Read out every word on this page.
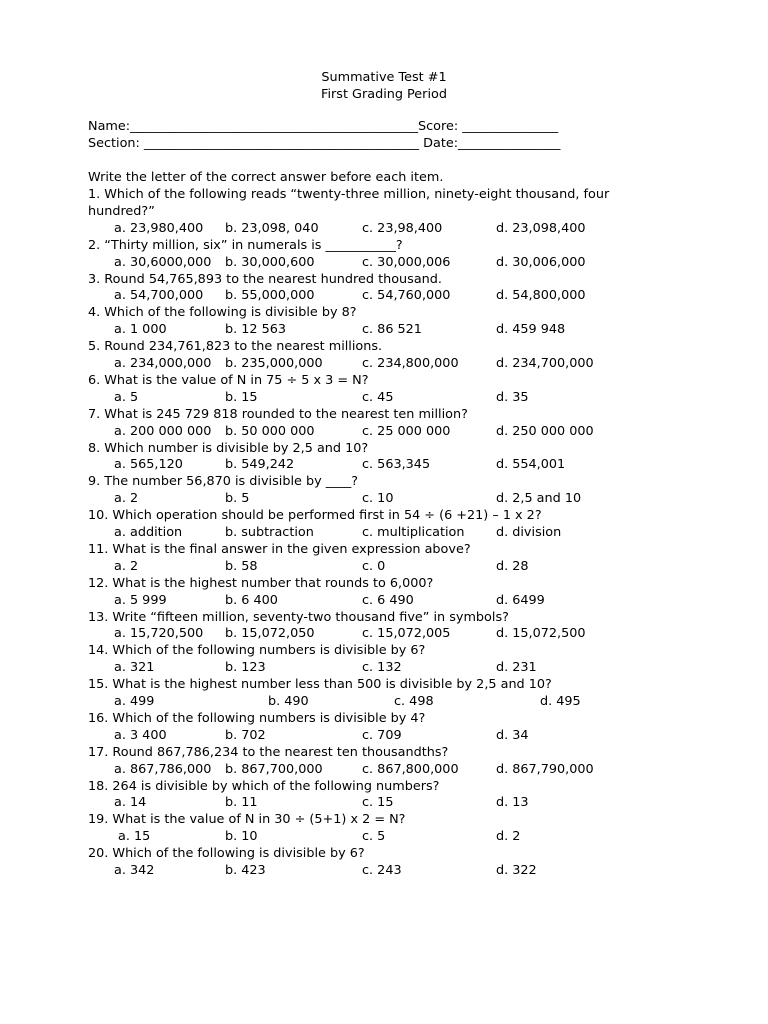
Summative Test #1
First Grading Period
Name:_____________________________________________Score: _______________
Section: ___________________________________________ Date:________________
Write the letter of the correct answer before each item.
1. Which of the following reads “twenty-three million, ninety-eight thousand, four
hundred?”
a. 23,980,400 b. 23,098, 040	c. 23,98,400	d. 23,098,400
2. “Thirty million, six” in numerals is ___________?
a. 30,6000,000 b. 30,000,600	c. 30,000,006	d. 30,006,000
3. Round 54,765,893 to the nearest hundred thousand.
a. 54,700,000 b. 55,000,000	c. 54,760,000	d. 54,800,000
4. Which of the following is divisible by 8?
a. 1 000	b. 12 563	c. 86 521	d. 459 948
5. Round 234,761,823 to the nearest millions.
a. 234,000,000 b. 235,000,000	c. 234,800,000	d. 234,700,000
6. What is the value of N in 75 ÷ 5 x 3 = N?
a. 5	b. 15	c. 45	d. 35
7. What is 245 729 818 rounded to the nearest ten million?
a. 200 000 000 b. 50 000 000	c. 25 000 000	d. 250 000 000
8. Which number is divisible by 2,5 and 10?
a. 565,120	b. 549,242	c. 563,345	d. 554,001
9. The number 56,870 is divisible by ____?
a. 2	b. 5	c. 10	d. 2,5 and 10
10. Which operation should be performed first in 54 ÷ (6 +21) – 1 x 2?
a. addition	b. subtraction	c. multiplication d. division
11. What is the final answer in the given expression above?
a. 2	b. 58	c. 0	d. 28
12. What is the highest number that rounds to 6,000?
a. 5 999	b. 6 400	c. 6 490	d. 6499
13. Write “fifteen million, seventy-two thousand five” in symbols?
a. 15,720,500 b. 15,072,050	c. 15,072,005	d. 15,072,500
14. Which of the following numbers is divisible by 6?
a. 321	b. 123	c. 132	d. 231
15. What is the highest number less than 500 is divisible by 2,5 and 10?
a. 499	b. 490	c. 498	d. 495
16. Which of the following numbers is divisible by 4?
a. 3 400	b. 702	c. 709	d. 34
17. Round 867,786,234 to the nearest ten thousandths?
a. 867,786,000 b. 867,700,000	c. 867,800,000	d. 867,790,000
18. 264 is divisible by which of the following numbers?
a. 14	b. 11	c. 15	d. 13
19. What is the value of N in 30 ÷ (5+1) x 2 = N?
a. 15	b. 10	c. 5	d. 2
20. Which of the following is divisible by 6?
a. 342	b. 423	c. 243	d. 322
